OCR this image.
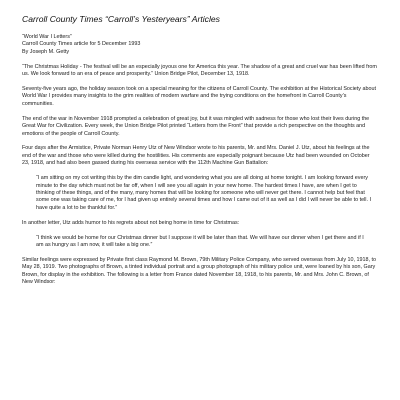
Carroll County Times “Carroll’s Yesteryears” Articles
“World War I Letters”
Carroll County Times article for 5 December 1993
By Joseph M. Getty

“The Christmas Holiday - The festival will be an especially joyous one for America this year. The shadow of a great and cruel war has been lifted from us. We look forward to an era of peace and prosperity.” Union Bridge Pilot, December 13, 1918.

Seventy-five years ago, the holiday season took on a special meaning for the citizens of Carroll County. The exhibition at the Historical Society about World War I provides many insights to the grim realities of modern warfare and the trying conditions on the homefront in Carroll County’s communities.

The end of the war in November 1918 prompted a celebration of great joy, but it was mingled with sadness for those who lost their lives during the Great War for Civilization. Every week, the Union Bridge Pilot printed “Letters from the Front” that provide a rich perspective on the thoughts and emotions of the people of Carroll County.

Four days after the Armistice, Private Norman Henry Utz of New Windsor wrote to his parents, Mr. and Mrs. Daniel J. Utz, about his feelings at the end of the war and those who were killed during the hostilities. His comments are especially poignant because Utz had been wounded on October 23, 1918, and had also been gassed during his overseas service with the 112th Machine Gun Battalion:

“I am sitting on my cot writing this by the dim candle light, and wondering what you are all doing at home tonight. I am looking forward every minute to the day which must not be far off, when I will see you all again in your new home. The hardest times I have, are when I get to thinking of these things, and of the many, many homes that will be looking for someone who will never get there. I cannot help but feel that some one was taking care of me, for I had given up entirely several times and how I came out of it as well as I did I will never be able to tell. I have quite a lot to be thankful for.”

In another letter, Utz adds humor to his regrets about not being home in time for Christmas:

“I think we would be home for our Christmas dinner but I suppose it will be later than that. We will have our dinner when I get there and if I am as hungry as I am now, it will take a big one.”

Similar feelings were expressed by Private first class Raymond M. Brown, 79th Military Police Company, who served overseas from July 10, 1918, to May 28, 1919. Two photographs of Brown, a tinted individual portrait and a group photograph of his military police unit, were loaned by his son, Gary Brown, for display in the exhibition. The following is a letter from France dated November 18, 1918, to his parents, Mr. and Mrs. John C. Brown, of New Windsor:
